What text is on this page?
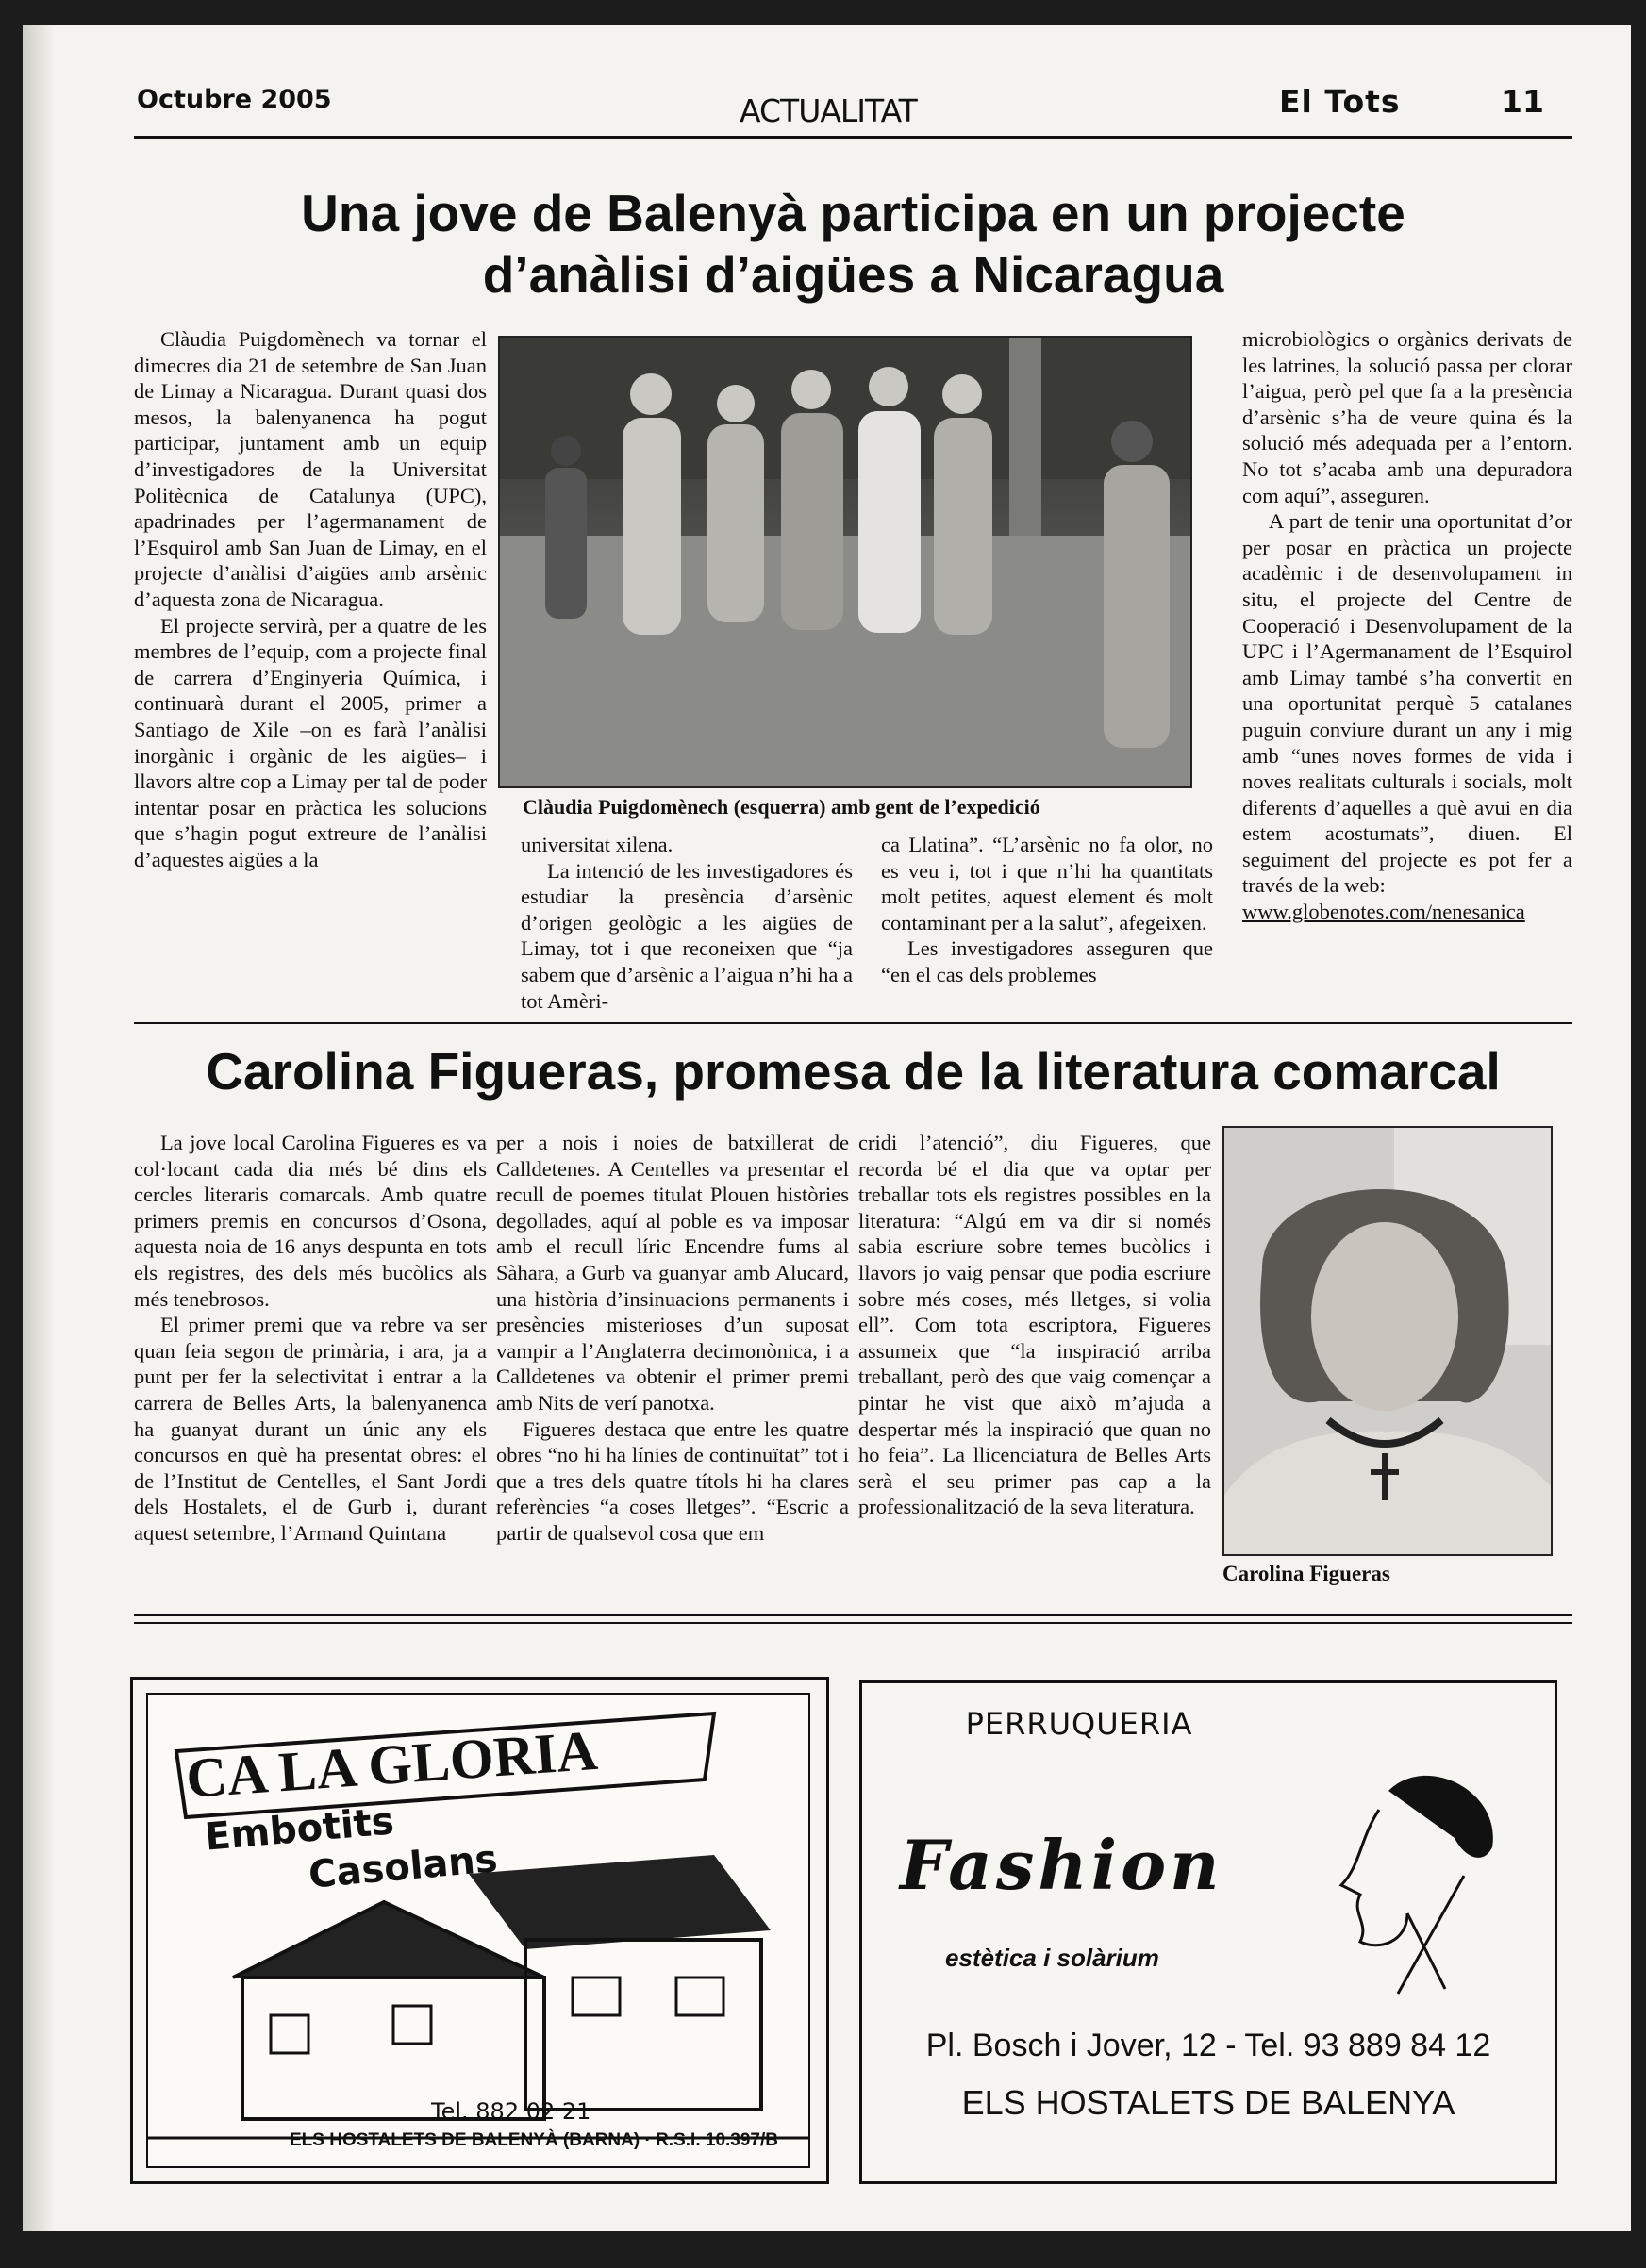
Octubre 2005	ACTUALITAT	El Tots	11
Una jove de Balenyà participa en un projecte
d’anàlisi d’aigües a Nicaragua

Clàudia Puigdomènech va tornar el dimecres dia 21 de setembre de San Juan de Limay a Nicaragua. Durant quasi dos mesos, la balenyanenca ha pogut participar, juntament amb un equip d’investigadores de la Universitat Politècnica de Catalunya (UPC), apadrinades per l’agermanament de l’Esquirol amb San Juan de Limay, en el projecte d’anàlisi d’aigües amb arsènic d’aquesta zona de Nicaragua.

El projecte servirà, per a quatre de les membres de l’equip, com a projecte final de carrera d’Enginyeria Química, i continuarà durant el 2005, primer a Santiago de Xile –on es farà l’anàlisi inorgànic i orgànic de les aigües– i llavors altre cop a Limay per tal de poder intentar posar en pràctica les solucions que s’hagin pogut extreure de l’anàlisi d’aquestes aigües a la

Clàudia Puigdomènech (esquerra) amb gent de l’expedició

universitat xilena.

La intenció de les investigadores és estudiar la presència d’arsènic d’origen geològic a les aigües de Limay, tot i que reconeixen que “ja sabem que d’arsènic a l’aigua n’hi ha a tot Amèri-

ca Llatina”. “L’arsènic no fa olor, no es veu i, tot i que n’hi ha quantitats molt petites, aquest element és molt contaminant per a la salut”, afegeixen.

Les investigadores asseguren que “en el cas dels problemes

microbiològics o orgànics derivats de les latrines, la solució passa per clorar l’aigua, però pel que fa a la presència d’arsènic s’ha de veure quina és la solució més adequada per a l’entorn. No tot s’acaba amb una depuradora com aquí”, asseguren.

A part de tenir una oportunitat d’or per posar en pràctica un projecte acadèmic i de desenvolupament in situ, el projecte del Centre de Cooperació i Desenvolupament de la UPC i l’Agermanament de l’Esquirol amb Limay també s’ha convertit en una oportunitat perquè 5 catalanes puguin conviure durant un any i mig amb “unes noves formes de vida i noves realitats culturals i socials, molt diferents d’aquelles a què avui en dia estem acostumats”, diuen. El seguiment del projecte es pot fer a través de la web:

www.globenotes.com/nenesanica

Carolina Figueras, promesa de la literatura comarcal

La jove local Carolina Figueres es va col·locant cada dia més bé dins els cercles literaris comarcals. Amb quatre primers premis en concursos d’Osona, aquesta noia de 16 anys despunta en tots els registres, des dels més bucòlics als més tenebrosos.

El primer premi que va rebre va ser quan feia segon de primària, i ara, ja a punt per fer la selectivitat i entrar a la carrera de Belles Arts, la balenyanenca ha guanyat durant un únic any els concursos en què ha presentat obres: el de l’Institut de Centelles, el Sant Jordi dels Hostalets, el de Gurb i, durant aquest setembre, l’Armand Quintana

per a nois i noies de batxillerat de Calldetenes. A Centelles va presentar el recull de poemes titulat Plouen històries degollades, aquí al poble es va imposar amb el recull líric Encendre fums al Sàhara, a Gurb va guanyar amb Alucard, una història d’insinuacions permanents i presències misterioses d’un suposat vampir a l’Anglaterra decimonònica, i a Calldetenes va obtenir el primer premi amb Nits de verí panotxa.

Figueres destaca que entre les quatre obres “no hi ha línies de continuïtat” tot i que a tres dels quatre títols hi ha clares referències “a coses lletges”. “Escric a partir de qualsevol cosa que em

cridi l’atenció”, diu Figueres, que recorda bé el dia que va optar per treballar tots els registres possibles en la literatura: “Algú em va dir si només sabia escriure sobre temes bucòlics i llavors jo vaig pensar que podia escriure sobre més coses, més lletges, si volia ell”. Com tota escriptora, Figueres assumeix que “la inspiració arriba treballant, però des que vaig començar a pintar he vist que això m’ajuda a despertar més la inspiració que quan no ho feia”. La llicenciatura de Belles Arts serà el seu primer pas cap a la professionalització de la seva literatura.

Carolina Figueras
CA LA GLORIA
Embotits
Casolans
Tel. 882 02 21
ELS HOSTALETS DE BALENYÀ (BARNA) · R.S.I. 10.397/B
PERRUQUERIA
Fashion
estètica i solàrium
Pl. Bosch i Jover, 12 - Tel. 93 889 84 12
ELS HOSTALETS DE BALENYA
